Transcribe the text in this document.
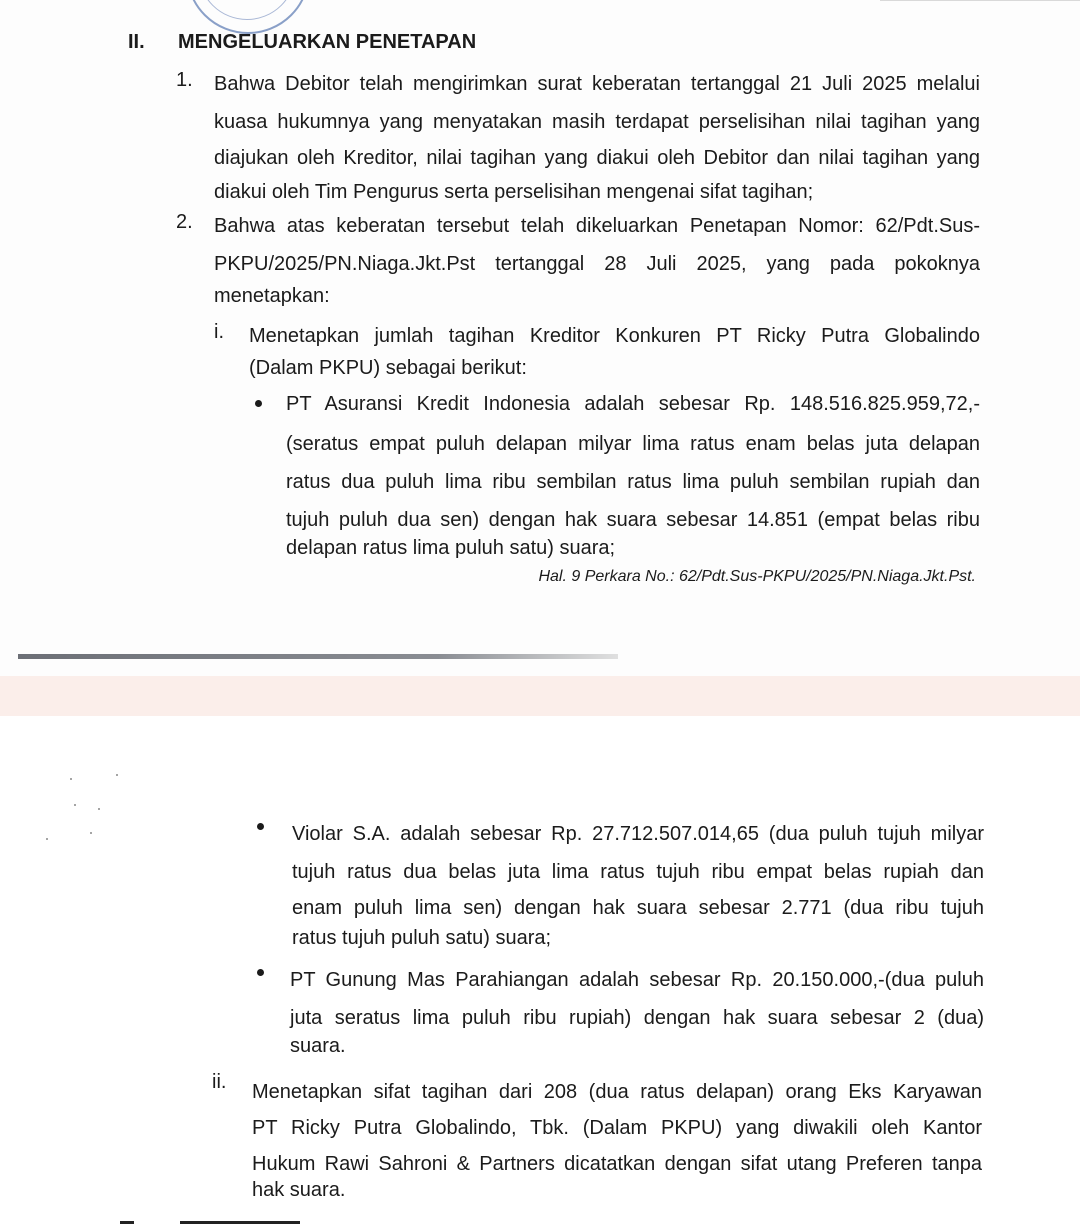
II. MENGELUARKAN PENETAPAN
1. Bahwa Debitor telah mengirimkan surat keberatan tertanggal 21 Juli 2025 melalui
kuasa hukumnya yang menyatakan masih terdapat perselisihan nilai tagihan yang
diajukan oleh Kreditor, nilai tagihan yang diakui oleh Debitor dan nilai tagihan yang
diakui oleh Tim Pengurus serta perselisihan mengenai sifat tagihan;
2. Bahwa atas keberatan tersebut telah dikeluarkan Penetapan Nomor: 62/Pdt.Sus-
PKPU/2025/PN.Niaga.Jkt.Pst tertanggal 28 Juli 2025, yang pada pokoknya
menetapkan:
i. Menetapkan jumlah tagihan Kreditor Konkuren PT Ricky Putra Globalindo
(Dalam PKPU) sebagai berikut:
PT Asuransi Kredit Indonesia adalah sebesar Rp. 148.516.825.959,72,-
(seratus empat puluh delapan milyar lima ratus enam belas juta delapan
ratus dua puluh lima ribu sembilan ratus lima puluh sembilan rupiah dan
tujuh puluh dua sen) dengan hak suara sebesar 14.851 (empat belas ribu
delapan ratus lima puluh satu) suara;
Hal. 9 Perkara No.: 62/Pdt.Sus-PKPU/2025/PN.Niaga.Jkt.Pst.
Violar S.A. adalah sebesar Rp. 27.712.507.014,65 (dua puluh tujuh milyar
tujuh ratus dua belas juta lima ratus tujuh ribu empat belas rupiah dan
enam puluh lima sen) dengan hak suara sebesar 2.771 (dua ribu tujuh
ratus tujuh puluh satu) suara;
PT Gunung Mas Parahiangan adalah sebesar Rp. 20.150.000,-(dua puluh
juta seratus lima puluh ribu rupiah) dengan hak suara sebesar 2 (dua)
suara.
ii. Menetapkan sifat tagihan dari 208 (dua ratus delapan) orang Eks Karyawan
PT Ricky Putra Globalindo, Tbk. (Dalam PKPU) yang diwakili oleh Kantor
Hukum Rawi Sahroni & Partners dicatatkan dengan sifat utang Preferen tanpa
hak suara.
